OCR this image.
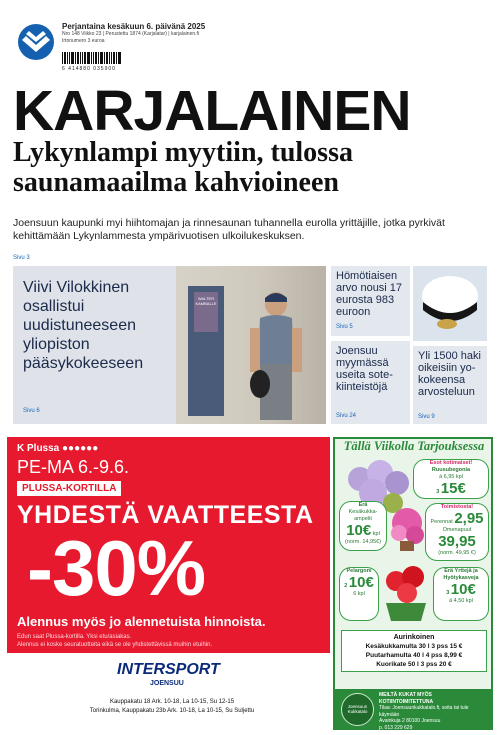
Perjantaina kesäkuun 6. päivänä 2025
Nro 148 Viikko 23 | Perustettu 1874 (Karjalatar) | karjalainen.fi
Irtonumero 3 euroa
6 414880 035900
KARJALAINEN
Lykynlampi myytiin, tulossa saunamaailma kahvioineen
Joensuun kaupunki myi hiihtomajan ja rinnesaunan tuhannella eurolla yrittäjille, jotka pyrkivät kehittämään Lykynlammesta ympärivuotisen ulkoilukeskuksen.
Sivu 3
Viivi Vilokkinen osallistui uudistuneeseen yliopiston pääsykokeeseen
Sivu 6
WALTER KAMBALLE
Hömötiaisen arvo nousi 17 eurosta 983 euroon
Sivu 5
Joensuu myymässä useita sote-kiinteistöjä
Sivu 24
Yli 1500 haki oikeisiin yo-kokeensa arvosteluun
Sivu 9
K Plussa ●●●●●●
PE-MA 6.-9.6.
PLUSSA-KORTILLA
YHDESTÄ VAATTEESTA
-30%
Alennus myös jo alennetuista hinnoista.
Edun saat Plussa-kortilla. Yksi etu/asiakas.
Alennus ei koske seuratuotteita eikä se ole yhdistettävissä muihin etuihin.
INTERSPORT
JOENSUU
Kauppakatu 18 Ark. 10-18, La 10-15, Su 12-15
Torinkulma, Kauppakatu 23b Ark. 10-18, La 10-15, Su Suljettu
Tällä Viikolla Tarjouksessa
Esot kotimaiset!
Ruusubegonia
á 6,95 kpl
3 15€
Erä
Kesäkukka-ampelit
10€ kpl
(norm. 14,95€)
Toimistosta!
Perennat 2,95
Omenapuut 39,95
(norm. 49,95 €)
Pelargoni
2 10€
6 kpl
Erä Yrttejä ja Hyötykasveja
3 10€
á 4,50 kpl
Aurinkoinen
Kesäkukkamulta 30 l 3 pss 15 €
Puutarhamulta 40 l 4 pss 8,99 €
Kuorikate 50 l 3 pss 20 €
Joensuun Kukkatalo
MEILTÄ KUKAT MYÖS KOTIINTOIMITETTUNA
Tilaa: Joensuunkukkatalo.fi, soita tai tule käymään
Avainkuja 2 80100 Joensuu
p. 013 229 629
PALVELEMME JOKA PÄIVÄ klo 8-19
